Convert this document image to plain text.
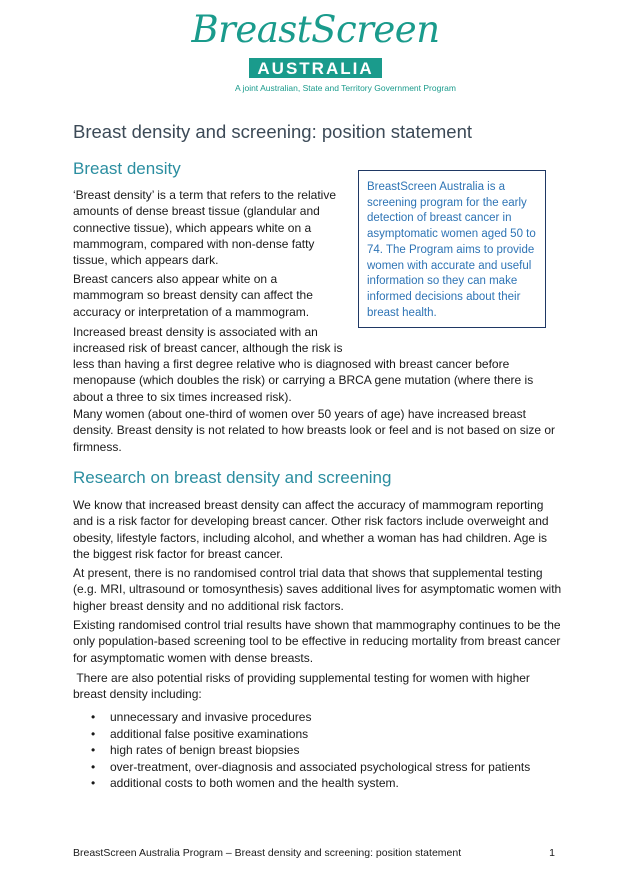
BreastScreen
AUSTRALIA
A joint Australian, State and Territory Government Program
Breast density and screening: position statement
Breast density

‘Breast density’ is a term that refers to the relative amounts of dense breast tissue (glandular and connective tissue), which appears white on a mammogram, compared with non-dense fatty tissue, which appears dark.

Breast cancers also appear white on a mammogram so breast density can affect the accuracy or interpretation of a mammogram.

Increased breast density is associated with an increased risk of breast cancer, although the risk is

less than having a first degree relative who is diagnosed with breast cancer before menopause (which doubles the risk) or carrying a BRCA gene mutation (where there is about a three to six times increased risk).

Many women (about one-third of women over 50 years of age) have increased breast density. Breast density is not related to how breasts look or feel and is not based on size or firmness.

BreastScreen Australia is a screening program for the early detection of breast cancer in asymptomatic women aged 50 to 74. The Program aims to provide women with accurate and useful information so they can make informed decisions about their breast health.

Research on breast density and screening

We know that increased breast density can affect the accuracy of mammogram reporting and is a risk factor for developing breast cancer. Other risk factors include overweight and obesity, lifestyle factors, including alcohol, and whether a woman has had children. Age is the biggest risk factor for breast cancer.

At present, there is no randomised control trial data that shows that supplemental testing (e.g. MRI, ultrasound or tomosynthesis) saves additional lives for asymptomatic women with higher breast density and no additional risk factors.

Existing randomised control trial results have shown that mammography continues to be the only population-based screening tool to be effective in reducing mortality from breast cancer for asymptomatic women with dense breasts.

There are also potential risks of providing supplemental testing for women with higher breast density including:

• unnecessary and invasive procedures
• additional false positive examinations
• high rates of benign breast biopsies
• over-treatment, over-diagnosis and associated psychological stress for patients
• additional costs to both women and the health system.
BreastScreen Australia Program – Breast density and screening: position statement	1
